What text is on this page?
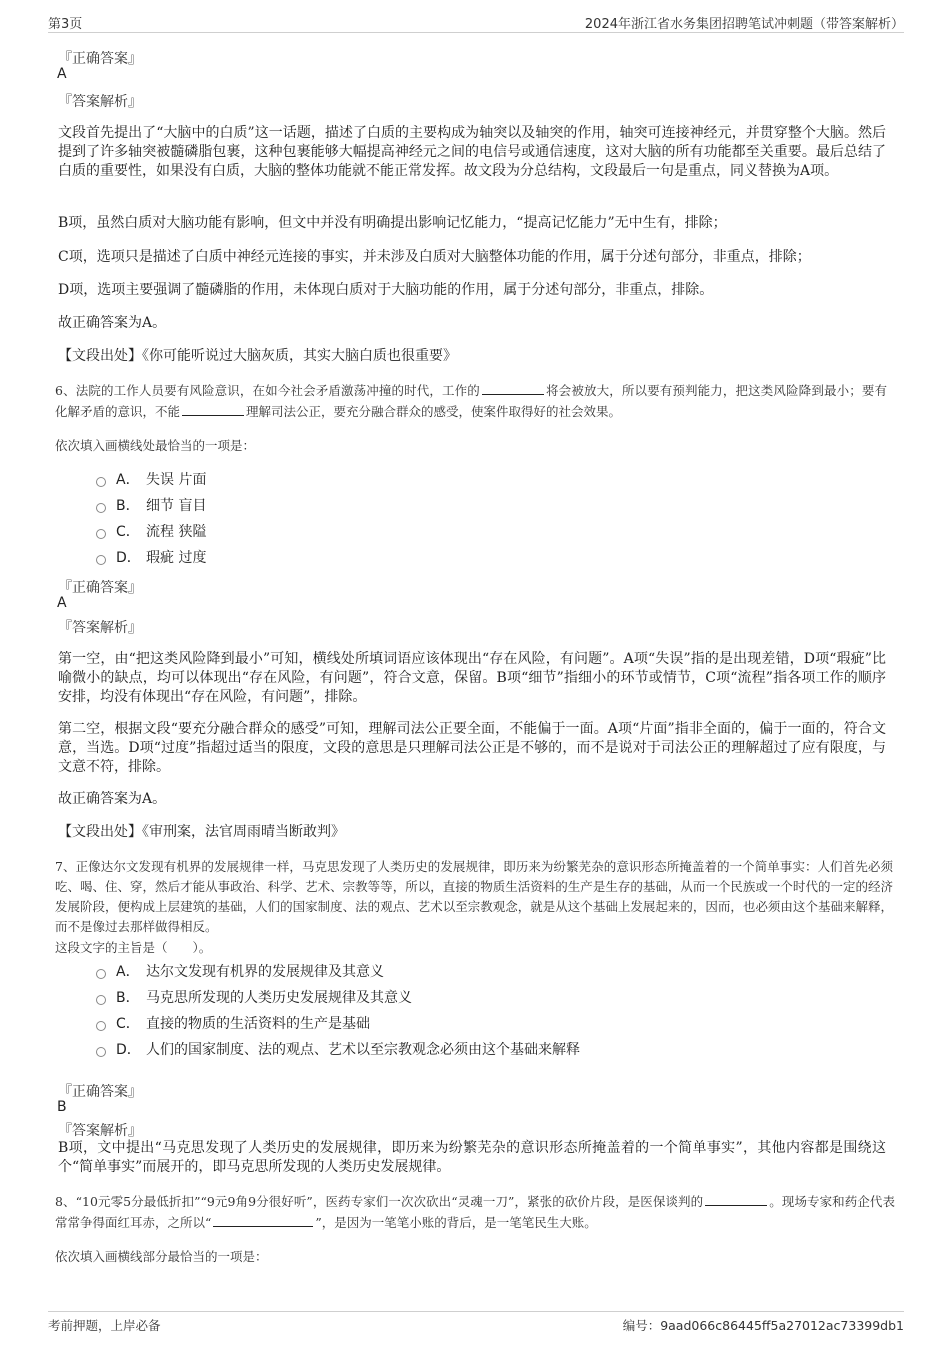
第3页	2024年浙江省水务集团招聘笔试冲刺题（带答案解析）
『正确答案』
A
『答案解析』
文段首先提出了“大脑中的白质”这一话题，描述了白质的主要构成为轴突以及轴突的作用，轴突可连接神经元，并贯穿整个大脑。然后提到了许多轴突被髓磷脂包裹，这种包裹能够大幅提高神经元之间的电信号或通信速度，这对大脑的所有功能都至关重要。最后总结了白质的重要性，如果没有白质，大脑的整体功能就不能正常发挥。故文段为分总结构，文段最后一句是重点，同义替换为A项。
B项，虽然白质对大脑功能有影响，但文中并没有明确提出影响记忆能力，“提高记忆能力”无中生有，排除；
C项，选项只是描述了白质中神经元连接的事实，并未涉及白质对大脑整体功能的作用，属于分述句部分，非重点，排除；
D项，选项主要强调了髓磷脂的作用，未体现白质对于大脑功能的作用，属于分述句部分，非重点，排除。
故正确答案为A。
【文段出处】《你可能听说过大脑灰质，其实大脑白质也很重要》
6、法院的工作人员要有风险意识，在如今社会矛盾激荡冲撞的时代，工作的	将会被放大，所以要有预判能力，把这类风险降到最小；要有化解矛盾的意识，不能	理解司法公正，要充分融合群众的感受，使案件取得好的社会效果。
依次填入画横线处最恰当的一项是：
A． 失误 片面
B． 细节 盲目
C． 流程 狭隘
D． 瑕疵 过度
『正确答案』
A
『答案解析』
第一空，由“把这类风险降到最小”可知，横线处所填词语应该体现出“存在风险，有问题”。A项“失误”指的是出现差错，D项“瑕疵”比喻微小的缺点，均可以体现出“存在风险，有问题”，符合文意，保留。B项“细节”指细小的环节或情节，C项“流程”指各项工作的顺序安排，均没有体现出“存在风险，有问题”，排除。
第二空，根据文段“要充分融合群众的感受”可知，理解司法公正要全面，不能偏于一面。A项“片面”指非全面的，偏于一面的，符合文意，当选。D项“过度”指超过适当的限度，文段的意思是只理解司法公正是不够的，而不是说对于司法公正的理解超过了应有限度，与文意不符，排除。
故正确答案为A。
【文段出处】《审刑案，法官周雨晴当断敢判》
7、正像达尔文发现有机界的发展规律一样，马克思发现了人类历史的发展规律，即历来为纷繁芜杂的意识形态所掩盖着的一个简单事实：人们首先必须吃、喝、住、穿，然后才能从事政治、科学、艺术、宗教等等，所以，直接的物质生活资料的生产是生存的基础，从而一个民族或一个时代的一定的经济发展阶段，便构成上层建筑的基础，人们的国家制度、法的观点、艺术以至宗教观念，就是从这个基础上发展起来的，因而，也必须由这个基础来解释，而不是像过去那样做得相反。
这段文字的主旨是（　　）。
A． 达尔文发现有机界的发展规律及其意义
B． 马克思所发现的人类历史发展规律及其意义
C． 直接的物质的生活资料的生产是基础
D． 人们的国家制度、法的观点、艺术以至宗教观念必须由这个基础来解释
『正确答案』
B
『答案解析』
B项，文中提出“马克思发现了人类历史的发展规律，即历来为纷繁芜杂的意识形态所掩盖着的一个简单事实”，其他内容都是围绕这个“简单事实”而展开的，即马克思所发现的人类历史发展规律。
8、“10元零5分最低折扣”“9元9角9分很好听”，医药专家们一次次砍出“灵魂一刀”，紧张的砍价片段，是医保谈判的	。现场专家和药企代表常常争得面红耳赤，之所以“	”，是因为一笔笔小账的背后，是一笔笔民生大账。
依次填入画横线部分最恰当的一项是：
考前押题，上岸必备	编号：9aad066c86445ff5a27012ac73399db1
